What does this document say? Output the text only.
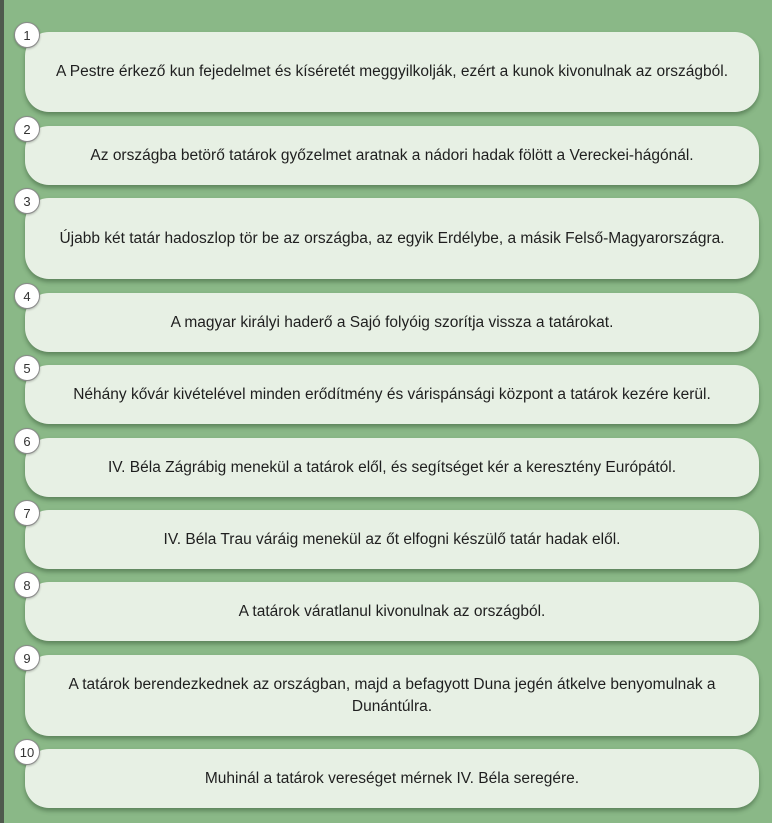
1
A Pestre érkező kun fejedelmet és kíséretét meggyilkolják, ezért a kunok kivonulnak az országból.
2
Az országba betörő tatárok győzelmet aratnak a nádori hadak fölött a Vereckei-hágónál.
3
Újabb két tatár hadoszlop tör be az országba, az egyik Erdélybe, a másik Felső-Magyarországra.
4
A magyar királyi haderő a Sajó folyóig szorítja vissza a tatárokat.
5
Néhány kővár kivételével minden erődítmény és várispánsági központ a tatárok kezére kerül.
6
IV. Béla Zágrábig menekül a tatárok elől, és segítséget kér a keresztény Európától.
7
IV. Béla Trau váráig menekül az őt elfogni készülő tatár hadak elől.
8
A tatárok váratlanul kivonulnak az országból.
9
A tatárok berendezkednek az országban, majd a befagyott Duna jegén átkelve benyomulnak a Dunántúlra.
10
Muhinál a tatárok vereséget mérnek IV. Béla seregére.
